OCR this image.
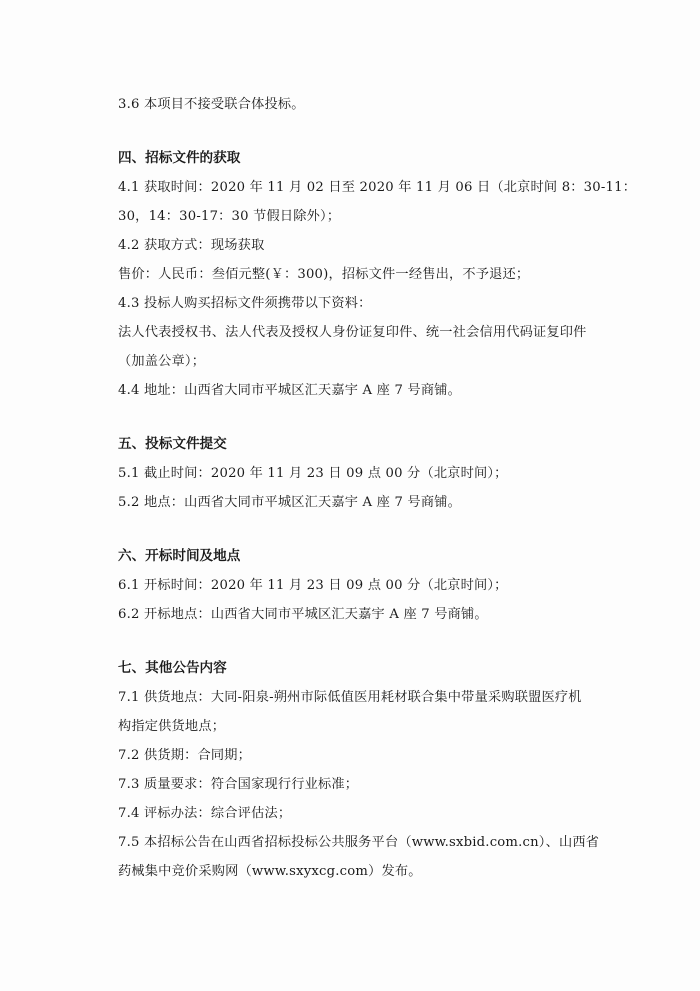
3.6 本项目不接受联合体投标。
四、招标文件的获取
4.1 获取时间：2020 年 11 月 02 日至 2020 年 11 月 06 日（北京时间 8：30-11：
30，14：30-17：30 节假日除外）；
4.2 获取方式：现场获取
售价：人民币：叁佰元整(￥：300)，招标文件一经售出，不予退还；
4.3 投标人购买招标文件须携带以下资料：
法人代表授权书、法人代表及授权人身份证复印件、统一社会信用代码证复印件
（加盖公章）；
4.4 地址：山西省大同市平城区汇天嘉宇 A 座 7 号商铺。
五、投标文件提交
5.1 截止时间：2020 年 11 月 23 日 09 点 00 分（北京时间）；
5.2 地点：山西省大同市平城区汇天嘉宇 A 座 7 号商铺。
六、开标时间及地点
6.1 开标时间：2020 年 11 月 23 日 09 点 00 分（北京时间）；
6.2 开标地点：山西省大同市平城区汇天嘉宇 A 座 7 号商铺。
七、其他公告内容
7.1 供货地点：大同-阳泉-朔州市际低值医用耗材联合集中带量采购联盟医疗机
构指定供货地点；
7.2 供货期：合同期；
7.3 质量要求：符合国家现行行业标准；
7.4 评标办法：综合评估法；
7.5 本招标公告在山西省招标投标公共服务平台（www.sxbid.com.cn）、山西省
药械集中竞价采购网（www.sxyxcg.com）发布。
